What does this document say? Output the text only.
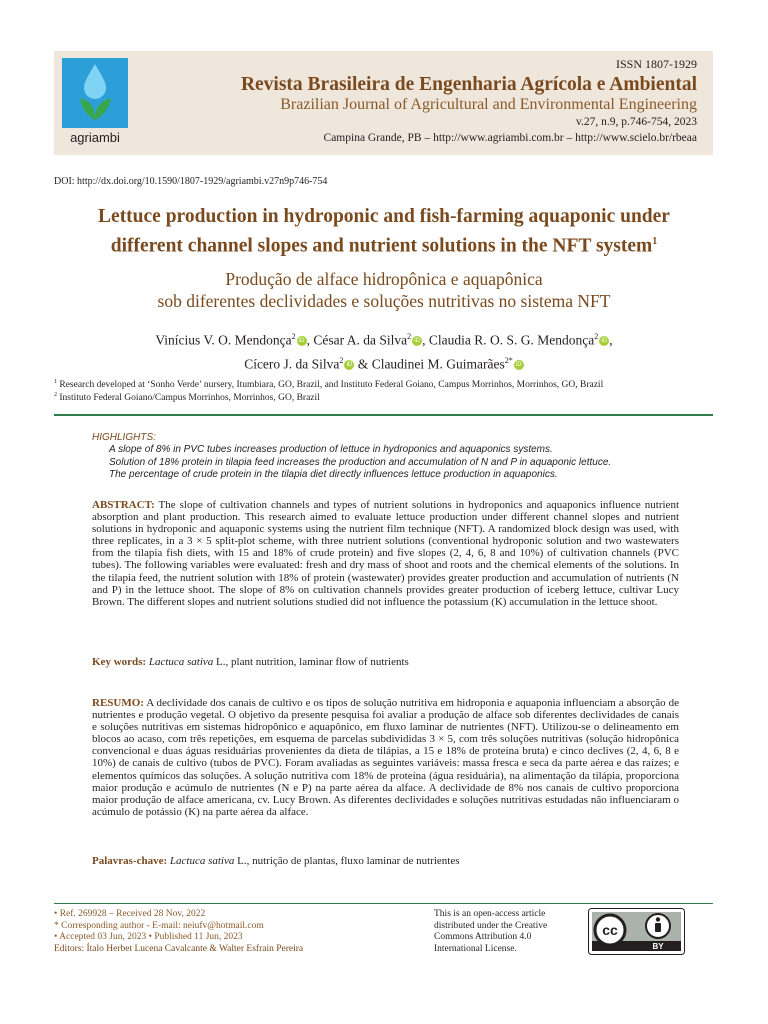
agriambi
ISSN 1807-1929
Revista Brasileira de Engenharia Agrícola e Ambiental
Brazilian Journal of Agricultural and Environmental Engineering
v.27, n.9, p.746-754, 2023
Campina Grande, PB – http://www.agriambi.com.br – http://www.scielo.br/rbeaa
DOI: http://dx.doi.org/10.1590/1807-1929/agriambi.v27n9p746-754
Lettuce production in hydroponic and fish-farming aquaponic under
different channel slopes and nutrient solutions in the NFT system$^1$
Produção de alface hidropônica e aquapônica
sob diferentes declividades e soluções nutritivas no sistema NFT
Vinícius V. O. Mendonça$^2$iD , César A. da Silva$^2$iD , Claudia R. O. S. G. Mendonça$^2$iD ,
Cícero J. da Silva$^2$iD & Claudinei M. Guimarães$^{2*}$iD
$^1$ Research developed at ‘Sonho Verde’ nursery, Itumbiara, GO, Brazil, and Instituto Federal Goiano, Campus Morrinhos, Morrinhos, GO, Brazil
$^2$ Instituto Federal Goiano/Campus Morrinhos, Morrinhos, GO, Brazil
HIGHLIGHTS:
A slope of 8% in PVC tubes increases production of lettuce in hydroponics and aquaponics systems.
Solution of 18% protein in tilapia feed increases the production and accumulation of N and P in aquaponic lettuce.
The percentage of crude protein in the tilapia diet directly influences lettuce production in aquaponics.
ABSTRACT: The slope of cultivation channels and types of nutrient solutions in hydroponics and aquaponics influence nutrient absorption and plant production. This research aimed to evaluate lettuce production under different channel slopes and nutrient solutions in hydroponic and aquaponic systems using the nutrient film technique (NFT). A randomized block design was used, with three replicates, in a 3 × 5 split-plot scheme, with three nutrient solutions (conventional hydroponic solution and two wastewaters from the tilapia fish diets, with 15 and 18% of crude protein) and five slopes (2, 4, 6, 8 and 10%) of cultivation channels (PVC tubes). The following variables were evaluated: fresh and dry mass of shoot and roots and the chemical elements of the solutions. In the tilapia feed, the nutrient solution with 18% of protein (wastewater) provides greater production and accumulation of nutrients (N and P) in the lettuce shoot. The slope of 8% on cultivation channels provides greater production of iceberg lettuce, cultivar Lucy Brown. The different slopes and nutrient solutions studied did not influence the potassium (K) accumulation in the lettuce shoot.
Key words: Lactuca sativa L., plant nutrition, laminar flow of nutrients
RESUMO: A declividade dos canais de cultivo e os tipos de solução nutritiva em hidroponia e aquaponia influenciam a absorção de nutrientes e produção vegetal. O objetivo da presente pesquisa foi avaliar a produção de alface sob diferentes declividades de canais e soluções nutritivas em sistemas hidropônico e aquapônico, em fluxo laminar de nutrientes (NFT). Utilizou-se o delineamento em blocos ao acaso, com três repetições, em esquema de parcelas subdivididas 3 × 5, com três soluções nutritivas (solução hidropônica convencional e duas águas residuárias provenientes da dieta de tilápias, a 15 e 18% de proteína bruta) e cinco declives (2, 4, 6, 8 e 10%) de canais de cultivo (tubos de PVC). Foram avaliadas as seguintes variáveis: massa fresca e seca da parte aérea e das raízes; e elementos químicos das soluções. A solução nutritiva com 18% de proteína (água residuária), na alimentação da tilápia, proporciona maior produção e acúmulo de nutrientes (N e P) na parte aérea da alface. A declividade de 8% nos canais de cultivo proporciona maior produção de alface americana, cv. Lucy Brown. As diferentes declividades e soluções nutritivas estudadas não influenciaram o acúmulo de potássio (K) na parte aérea da alface.
Palavras-chave: Lactuca sativa L., nutrição de plantas, fluxo laminar de nutrientes
• Ref. 269928 – Received 28 Nov, 2022
* Corresponding author - E-mail: neiufv@hotmail.com
• Accepted 03 Jun, 2023 • Published 11 Jun, 2023
Editors: Ítalo Herbet Lucena Cavalcante & Walter Esfrain Pereira
This is an open-access article
distributed under the Creative
Commons Attribution 4.0
International License.
cc
BY
